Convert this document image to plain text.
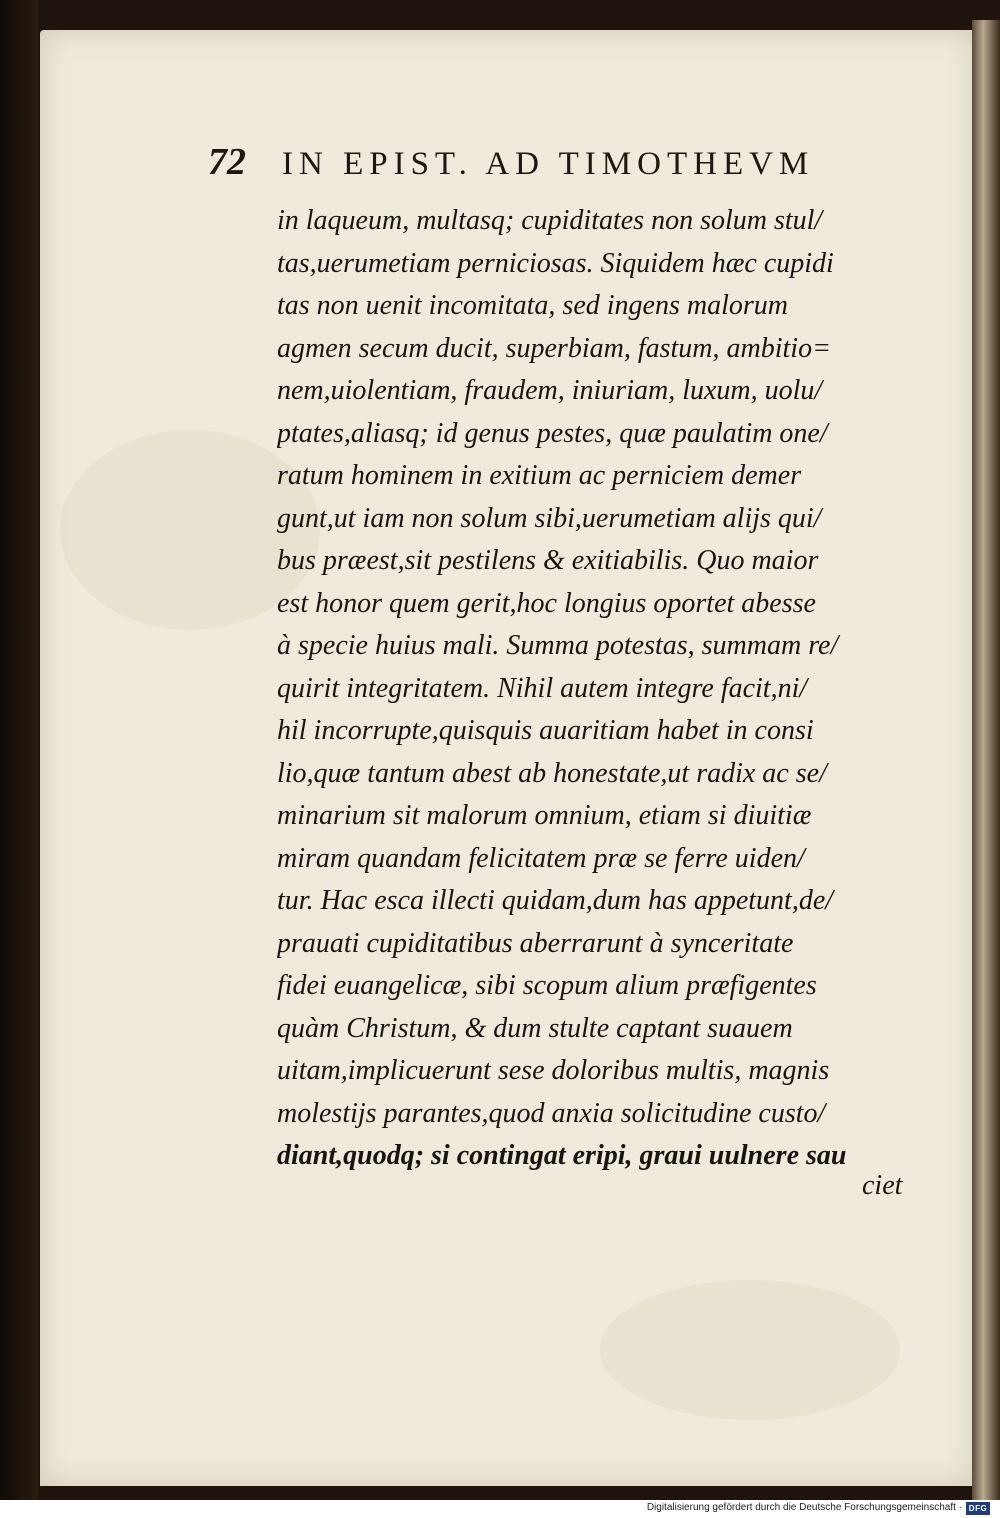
72 IN EPIST. AD TIMOTHEVM
in laqueum, multasq; cupiditates non solum stul/
tas,uerumetiam perniciosas. Siquidem hæc cupidi
tas non uenit incomitata, sed ingens malorum
agmen secum ducit, superbiam, fastum, ambitio=
nem,uiolentiam, fraudem, iniuriam, luxum, uolu/
ptates,aliasq; id genus pestes, quæ paulatim one/
ratum hominem in exitium ac perniciem demer
gunt,ut iam non solum sibi,uerumetiam alijs qui/
bus præest,sit pestilens & exitiabilis. Quo maior
est honor quem gerit,hoc longius oportet abesse
à specie huius mali. Summa potestas, summam re/
quirit integritatem. Nihil autem integre facit,ni/
hil incorrupte,quisquis auaritiam habet in consi
lio,quæ tantum abest ab honestate,ut radix ac se/
minarium sit malorum omnium, etiam si diuitiæ
miram quandam felicitatem præ se ferre uiden/
tur. Hac esca illecti quidam,dum has appetunt,de/
prauati cupiditatibus aberrarunt à synceritate
fidei euangelicæ, sibi scopum alium præfigentes
quàm Christum, & dum stulte captant suauem
uitam,implicuerunt sese doloribus multis, magnis
molestijs parantes,quod anxia solicitudine custo/
diant,quodq; si contingat eripi, graui uulnere sau
ciet
Digitalisierung gefördert durch die Deutsche Forschungsgemeinschaft · DFG
